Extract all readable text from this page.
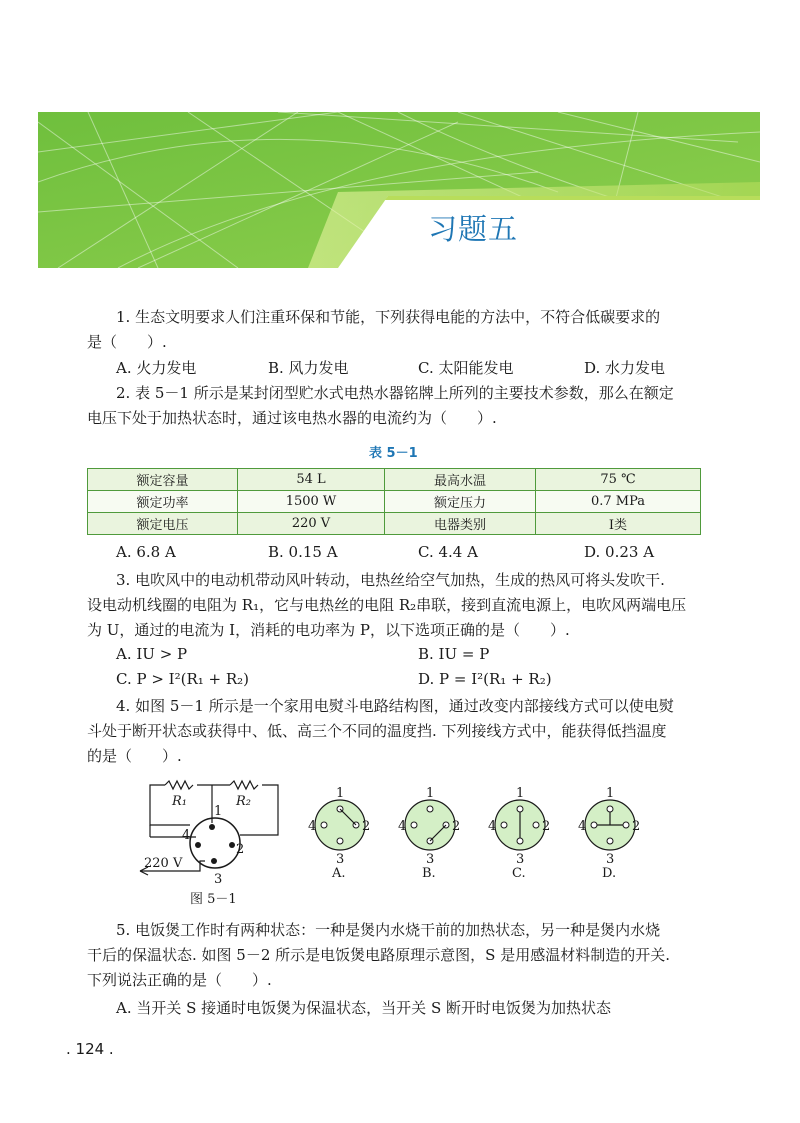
习题五
1. 生态文明要求人们注重环保和节能，下列获得电能的方法中，不符合低碳要求的
是（　　）.
A. 火力发电	B. 风力发电	C. 太阳能发电	D. 水力发电
2. 表 5－1 所示是某封闭型贮水式电热水器铭牌上所列的主要技术参数，那么在额定
电压下处于加热状态时，通过该电热水器的电流约为（　　）.
表 5－1
额定容量	54 L	最高水温	75 ℃
额定功率	1500 W	额定压力	0.7 MPa
额定电压	220 V	电器类别	Ⅰ类
A. 6.8 A	B. 0.15 A	C. 4.4 A	D. 0.23 A
3. 电吹风中的电动机带动风叶转动，电热丝给空气加热，生成的热风可将头发吹干.
设电动机线圈的电阻为 R₁，它与电热丝的电阻 R₂串联，接到直流电源上，电吹风两端电压
为 U，通过的电流为 I，消耗的电功率为 P，以下选项正确的是（　　）.
A. IU > P	B. IU = P
C. P > I²(R₁ + R₂)	D. P = I²(R₁ + R₂)
4. 如图 5－1 所示是一个家用电熨斗电路结构图，通过改变内部接线方式可以使电熨
斗处于断开状态或获得中、低、高三个不同的温度挡. 下列接线方式中，能获得低挡温度
的是（　　）.
R₁	R₂
1
4
2
3
220 V
1
2
3
4
A.
1
2
3
4
B.
1
2
3
4
C.
1
2
3
4
D.
图 5－1
5. 电饭煲工作时有两种状态：一种是煲内水烧干前的加热状态，另一种是煲内水烧
干后的保温状态. 如图 5－2 所示是电饭煲电路原理示意图，S 是用感温材料制造的开关.
下列说法正确的是（　　）.
A. 当开关 S 接通时电饭煲为保温状态，当开关 S 断开时电饭煲为加热状态
. 124 .
